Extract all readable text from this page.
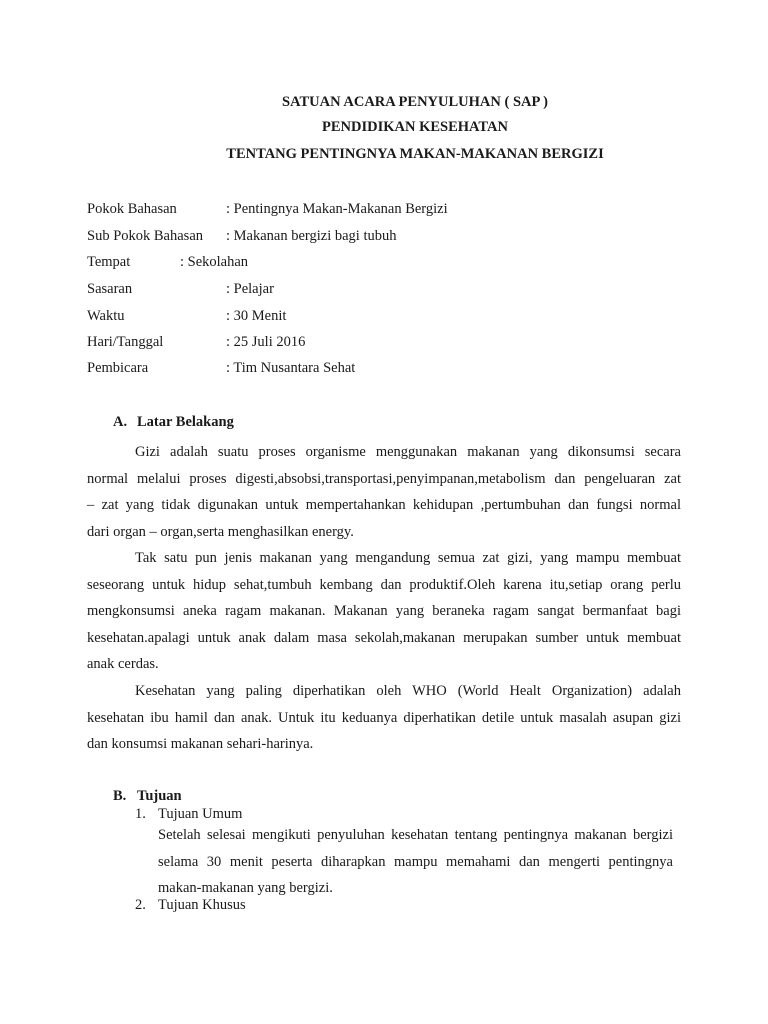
SATUAN ACARA PENYULUHAN ( SAP )
PENDIDIKAN KESEHATAN
TENTANG PENTINGNYA MAKAN-MAKANAN BERGIZI
Pokok Bahasan	: Pentingnya Makan-Makanan Bergizi
Sub Pokok Bahasan : Makanan bergizi bagi tubuh
Tempat	: Sekolahan
Sasaran	: Pelajar
Waktu	: 30 Menit
Hari/Tanggal	: 25 Juli 2016
Pembicara	: Tim Nusantara Sehat
A. Latar Belakang
Gizi adalah suatu proses organisme menggunakan makanan yang dikonsumsi secara
normal melalui proses digesti,absobsi,transportasi,penyimpanan,metabolism dan pengeluaran zat
– zat yang tidak digunakan untuk mempertahankan kehidupan ,pertumbuhan dan fungsi normal
dari organ – organ,serta menghasilkan energy.
Tak satu pun jenis makanan yang mengandung semua zat gizi, yang mampu membuat
seseorang untuk hidup sehat,tumbuh kembang dan produktif.Oleh karena itu,setiap orang perlu
mengkonsumsi aneka ragam makanan. Makanan yang beraneka ragam sangat bermanfaat bagi
kesehatan.apalagi untuk anak dalam masa sekolah,makanan merupakan sumber untuk membuat
anak cerdas.
Kesehatan yang paling diperhatikan oleh WHO (World Healt Organization) adalah
kesehatan ibu hamil dan anak. Untuk itu keduanya diperhatikan detile untuk masalah asupan gizi
dan konsumsi makanan sehari-harinya.
B. Tujuan
1. Tujuan Umum
Setelah selesai mengikuti penyuluhan kesehatan tentang pentingnya makanan bergizi
selama 30 menit peserta diharapkan mampu memahami dan mengerti pentingnya
makan-makanan yang bergizi.
2. Tujuan Khusus
